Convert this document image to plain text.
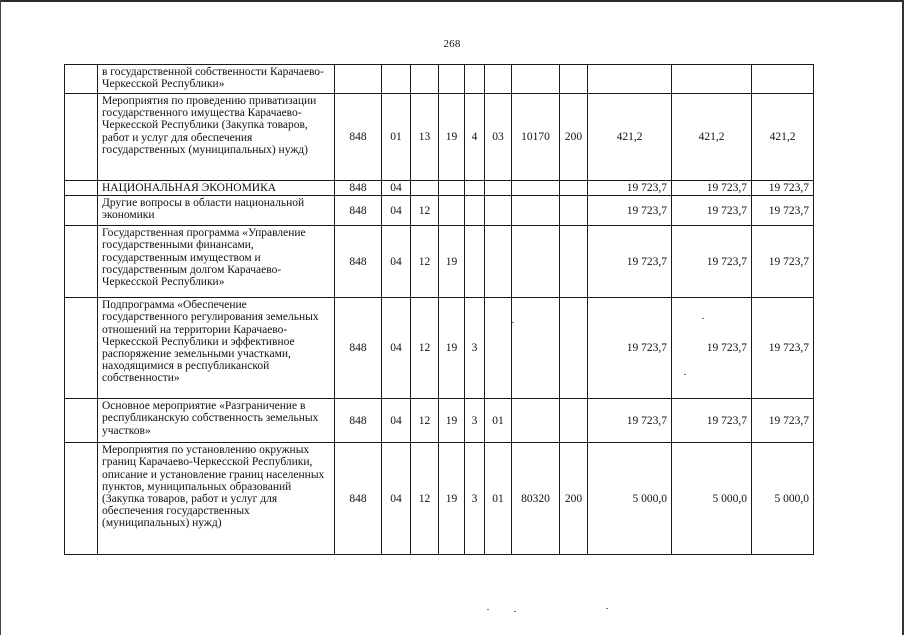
268
	в государственной собственности Карачаево-Черкесской Республики»											
	Мероприятия по проведению приватизации государственного имущества Карачаево-Черкесской Республики (Закупка товаров, работ и услуг для обеспечения государственных (муниципальных) нужд)	848	01	13	19	4	03	10170	200	421,2	421,2	421,2
	НАЦИОНАЛЬНАЯ ЭКОНОМИКА	848	04							19 723,7	19 723,7	19 723,7
	Другие вопросы в области национальной экономики	848	04	12						19 723,7	19 723,7	19 723,7
	Государственная программа «Управление государственными финансами, государственным имуществом и государственным долгом Карачаево-Черкесской Республики»	848	04	12	19					19 723,7	19 723,7	19 723,7
	Подпрограмма «Обеспечение государственного регулирования земельных отношений на территории Карачаево-Черкесской Республики и эффективное распоряжение земельными участками, находящимися в республиканской собственности»	848	04	12	19	3				19 723,7	19 723,7	19 723,7
	Основное мероприятие «Разграничение в республиканскую собственность земельных участков»	848	04	12	19	3	01			19 723,7	19 723,7	19 723,7
	Мероприятия по установлению окружных границ Карачаево-Черкесской Республики, описание и установление границ населенных пунктов, муниципальных образований (Закупка товаров, работ и услуг для обеспечения государственных (муниципальных) нужд)	848	04	12	19	3	01	80320	200	5 000,0	5 000,0	5 000,0
